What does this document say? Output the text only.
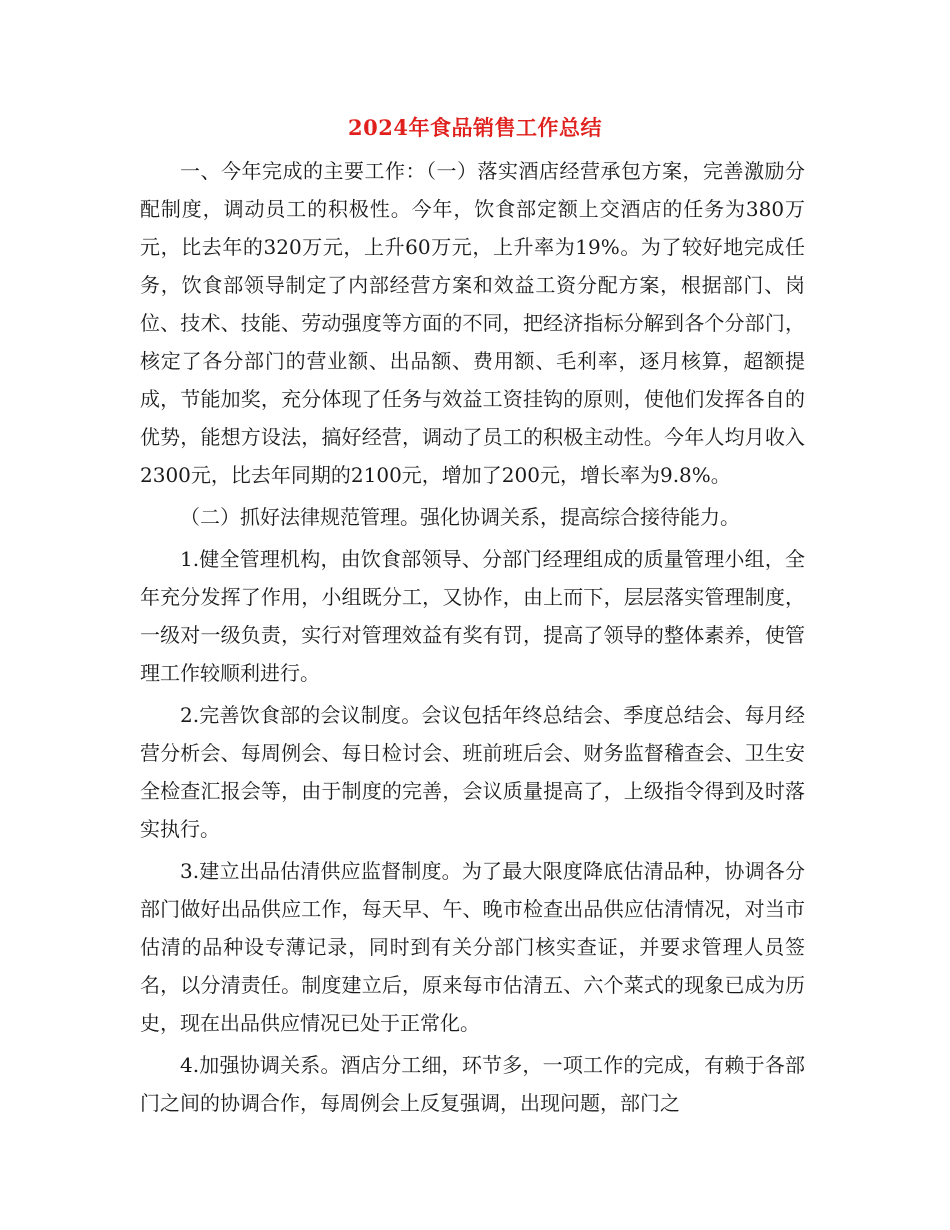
2024年食品销售工作总结

一、今年完成的主要工作：（一）落实酒店经营承包方案，完善激励分配制度，调动员工的积极性。今年，饮食部定额上交酒店的任务为380万元，比去年的320万元，上升60万元，上升率为19%。为了较好地完成任务，饮食部领导制定了内部经营方案和效益工资分配方案，根据部门、岗位、技术、技能、劳动强度等方面的不同，把经济指标分解到各个分部门，核定了各分部门的营业额、出品额、费用额、毛利率，逐月核算，超额提成，节能加奖，充分体现了任务与效益工资挂钩的原则，使他们发挥各自的优势，能想方设法，搞好经营，调动了员工的积极主动性。今年人均月收入2300元，比去年同期的2100元，增加了200元，增长率为9.8%。

（二）抓好法律规范管理。强化协调关系，提高综合接待能力。

1.健全管理机构，由饮食部领导、分部门经理组成的质量管理小组，全年充分发挥了作用，小组既分工，又协作，由上而下，层层落实管理制度，一级对一级负责，实行对管理效益有奖有罚，提高了领导的整体素养，使管理工作较顺利进行。

2.完善饮食部的会议制度。会议包括年终总结会、季度总结会、每月经营分析会、每周例会、每日检讨会、班前班后会、财务监督稽查会、卫生安全检查汇报会等，由于制度的完善，会议质量提高了，上级指令得到及时落实执行。

3.建立出品估清供应监督制度。为了最大限度降底估清品种，协调各分部门做好出品供应工作，每天早、午、晚市检查出品供应估清情况，对当市估清的品种设专薄记录，同时到有关分部门核实查证，并要求管理人员签名，以分清责任。制度建立后，原来每市估清五、六个菜式的现象已成为历史，现在出品供应情况已处于正常化。

4.加强协调关系。酒店分工细，环节多，一项工作的完成，有赖于各部门之间的协调合作，每周例会上反复强调，出现问题，部门之
